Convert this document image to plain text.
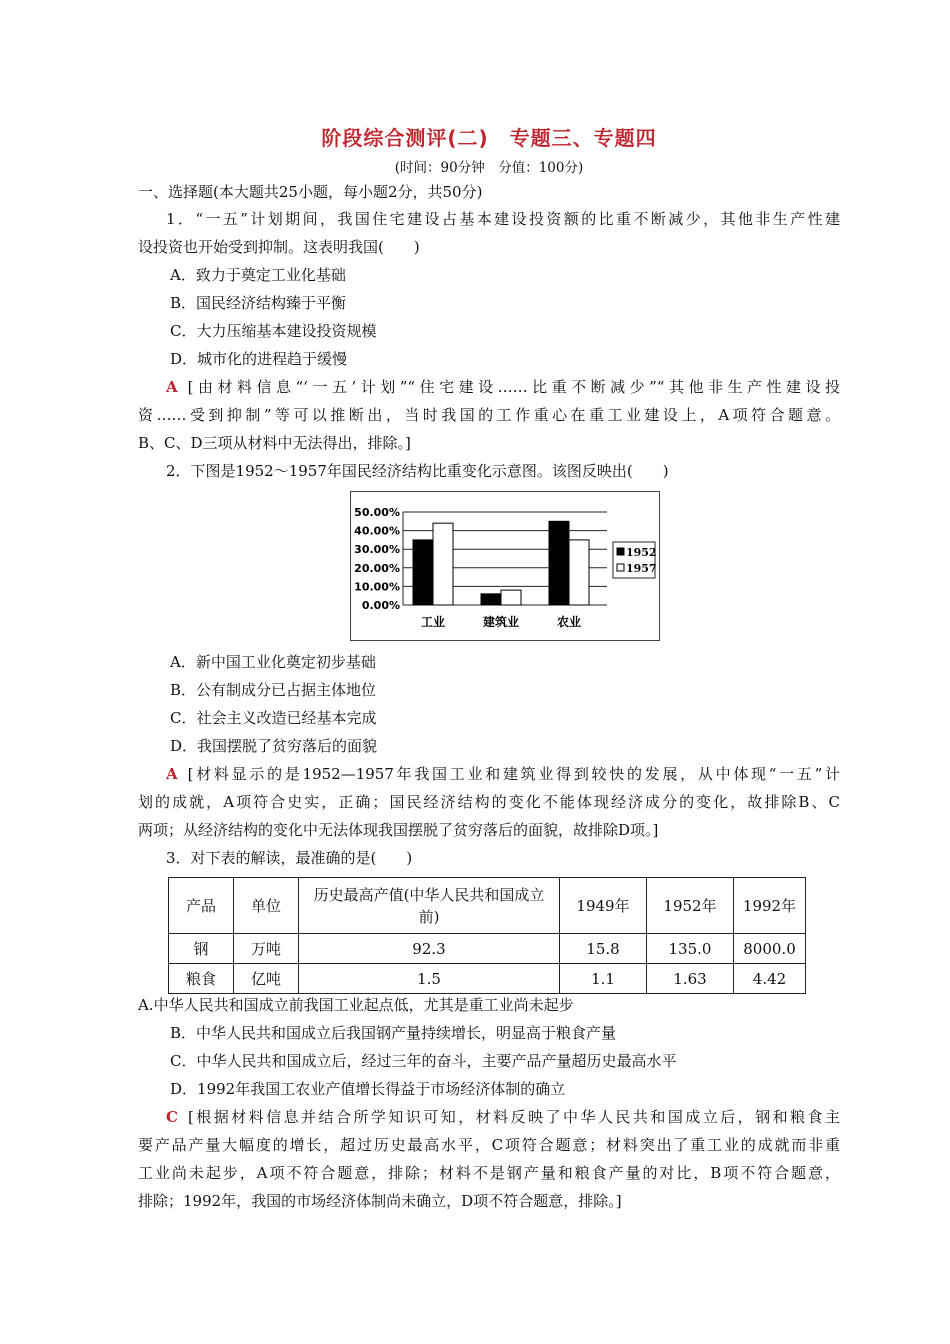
阶段综合测评(二)　专题三、专题四
(时间：90分钟　分值：100分)
一、选择题(本大题共25小题，每小题2分，共50分)
1．“一五”计划期间，我国住宅建设占基本建设投资额的比重不断减少，其他非生产性建
设投资也开始受到抑制。这表明我国(　　)
A．致力于奠定工业化基础
B．国民经济结构臻于平衡
C．大力压缩基本建设投资规模
D．城市化的进程趋于缓慢
A [由材料信息“‘一五’计划”“住宅建设……比重不断减少”“其他非生产性建设投
资……受到抑制”等可以推断出，当时我国的工作重心在重工业建设上，A项符合题意。
B、C、D三项从材料中无法得出，排除。]
2．下图是1952～1957年国民经济结构比重变化示意图。该图反映出(　　)
0.00%
10.00%
20.00%
30.00%
40.00%
50.00%
工业	建筑业	农业
1952
1957
A．新中国工业化奠定初步基础
B．公有制成分已占据主体地位
C．社会主义改造已经基本完成
D．我国摆脱了贫穷落后的面貌
A [材料显示的是1952—1957年我国工业和建筑业得到较快的发展，从中体现“一五”计
划的成就，A项符合史实，正确；国民经济结构的变化不能体现经济成分的变化，故排除B、C
两项；从经济结构的变化中无法体现我国摆脱了贫穷落后的面貌，故排除D项。]
3．对下表的解读，最准确的是(　　)
产品	单位	历史最高产值(中华人民共和国成立前)	1949年	1952年	1992年
钢	万吨	92.3	15.8	135.0	8000.0
粮食	亿吨	1.5	1.1	1.63	4.42
A.中华人民共和国成立前我国工业起点低，尤其是重工业尚未起步
B．中华人民共和国成立后我国钢产量持续增长，明显高于粮食产量
C．中华人民共和国成立后，经过三年的奋斗，主要产品产量超历史最高水平
D．1992年我国工农业产值增长得益于市场经济体制的确立
C [根据材料信息并结合所学知识可知，材料反映了中华人民共和国成立后，钢和粮食主
要产品产量大幅度的增长，超过历史最高水平，C项符合题意；材料突出了重工业的成就而非重
工业尚未起步，A项不符合题意，排除；材料不是钢产量和粮食产量的对比，B项不符合题意，
排除；1992年，我国的市场经济体制尚未确立，D项不符合题意，排除。]
